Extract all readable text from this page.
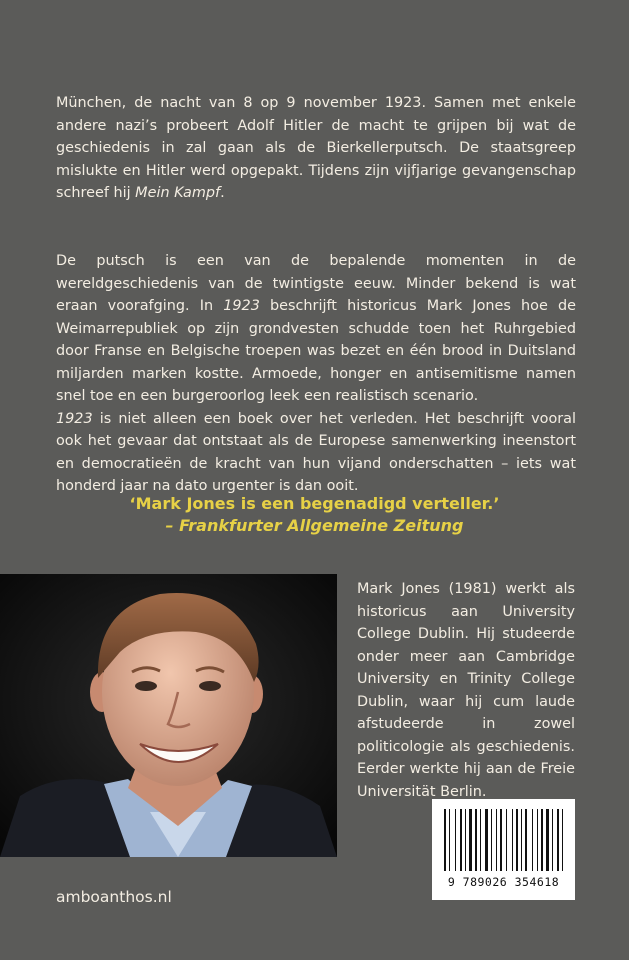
München, de nacht van 8 op 9 november 1923. Samen met enkele andere nazi’s probeert Adolf Hitler de macht te grijpen bij wat de geschiedenis in zal gaan als de Bierkellerputsch. De staatsgreep mislukte en Hitler werd opgepakt. Tijdens zijn vijfjarige gevangenschap schreef hij Mein Kampf.

De putsch is een van de bepalende momenten in de wereldgeschiedenis van de twintigste eeuw. Minder bekend is wat eraan voorafging. In 1923 beschrijft historicus Mark Jones hoe de Weimarrepubliek op zijn grondvesten schudde toen het Ruhrgebied door Franse en Belgische troepen was bezet en één brood in Duitsland miljarden marken kostte. Armoede, honger en antisemitisme namen snel toe en een burgeroorlog leek een realistisch scenario.
1923 is niet alleen een boek over het verleden. Het beschrijft vooral ook het gevaar dat ontstaat als de Europese samenwerking ineenstort en democratieën de kracht van hun vijand onderschatten – iets wat honderd jaar na dato urgenter is dan ooit.

‘Mark Jones is een begenadigd verteller.’
– Frankfurter Allgemeine Zeitung

Mark Jones (1981) werkt als historicus aan University College Dublin. Hij studeerde onder meer aan Cambridge University en Trinity College Dublin, waar hij cum laude afstudeerde in zowel politicologie als geschiedenis. Eerder werkte hij aan de Freie Universität Berlin.

9 789026 354618
amboanthos.nl
